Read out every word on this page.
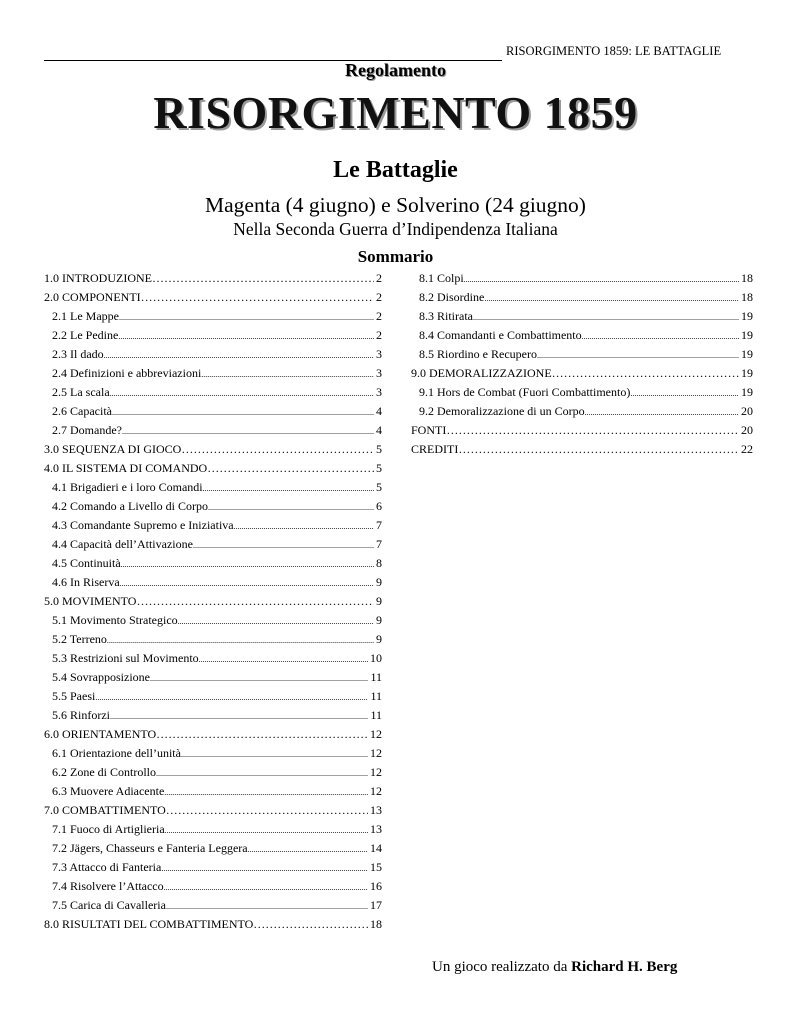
RISORGIMENTO 1859: LE BATTAGLIE
Regolamento
RISORGIMENTO 1859
Le Battaglie
Magenta (4 giugno) e Solverino (24 giugno)
Nella Seconda Guerra d’Indipendenza Italiana
Sommario
1.0 INTRODUZIONE ………………………………………………………………………………………………………………	2
2.0 COMPONENTI ………………………………………………………………………………………………………………	2
2.1 Le Mappe .....	2
2.2 Le Pedine .....	2
2.3 Il dado .....	3
2.4 Definizioni e abbreviazioni .....	3
2.5 La scala .....	3
2.6 Capacità .....	4
2.7 Domande? .....	4
3.0 SEQUENZA DI GIOCO ………………………………………………………………………………………………………………	5
4.0 IL SISTEMA DI COMANDO ………………………………………………………………………………………………………………	5
4.1 Brigadieri e i loro Comandi .....	5
4.2 Comando a Livello di Corpo .....	6
4.3 Comandante Supremo e Iniziativa .....	7
4.4 Capacità dell’Attivazione .....	7
4.5 Continuità .....	8
4.6 In Riserva .....	9
5.0 MOVIMENTO ………………………………………………………………………………………………………………	9
5.1 Movimento Strategico .....	9
5.2 Terreno .....	9
5.3 Restrizioni sul Movimento .....	10
5.4 Sovrapposizione .....	11
5.5 Paesi .....	11
5.6 Rinforzi .....	11
6.0 ORIENTAMENTO ………………………………………………………………………………………………………………	12
6.1 Orientazione dell’unità .....	12
6.2 Zone di Controllo .....	12
6.3 Muovere Adiacente .....	12
7.0 COMBATTIMENTO ………………………………………………………………………………………………………………	13
7.1 Fuoco di Artiglieria .....	13
7.2 Jägers, Chasseurs e Fanteria Leggera .....	14
7.3 Attacco di Fanteria .....	15
7.4 Risolvere l’Attacco .....	16
7.5 Carica di Cavalleria .....	17
8.0 RISULTATI DEL COMBATTIMENTO ………………………………………………………………………………………………………………	18
8.1 Colpi .....	18
8.2 Disordine .....	18
8.3 Ritirata .....	19
8.4 Comandanti e Combattimento .....	19
8.5 Riordino e Recupero .....	19
9.0 DEMORALIZZAZIONE ………………………………………………………………………………………………………………	19
9.1 Hors de Combat (Fuori Combattimento) .....	19
9.2 Demoralizzazione di un Corpo .....	20
FONTI ………………………………………………………………………………………………………………	20
CREDITI ………………………………………………………………………………………………………………	22
Un gioco realizzato da Richard H. Berg
